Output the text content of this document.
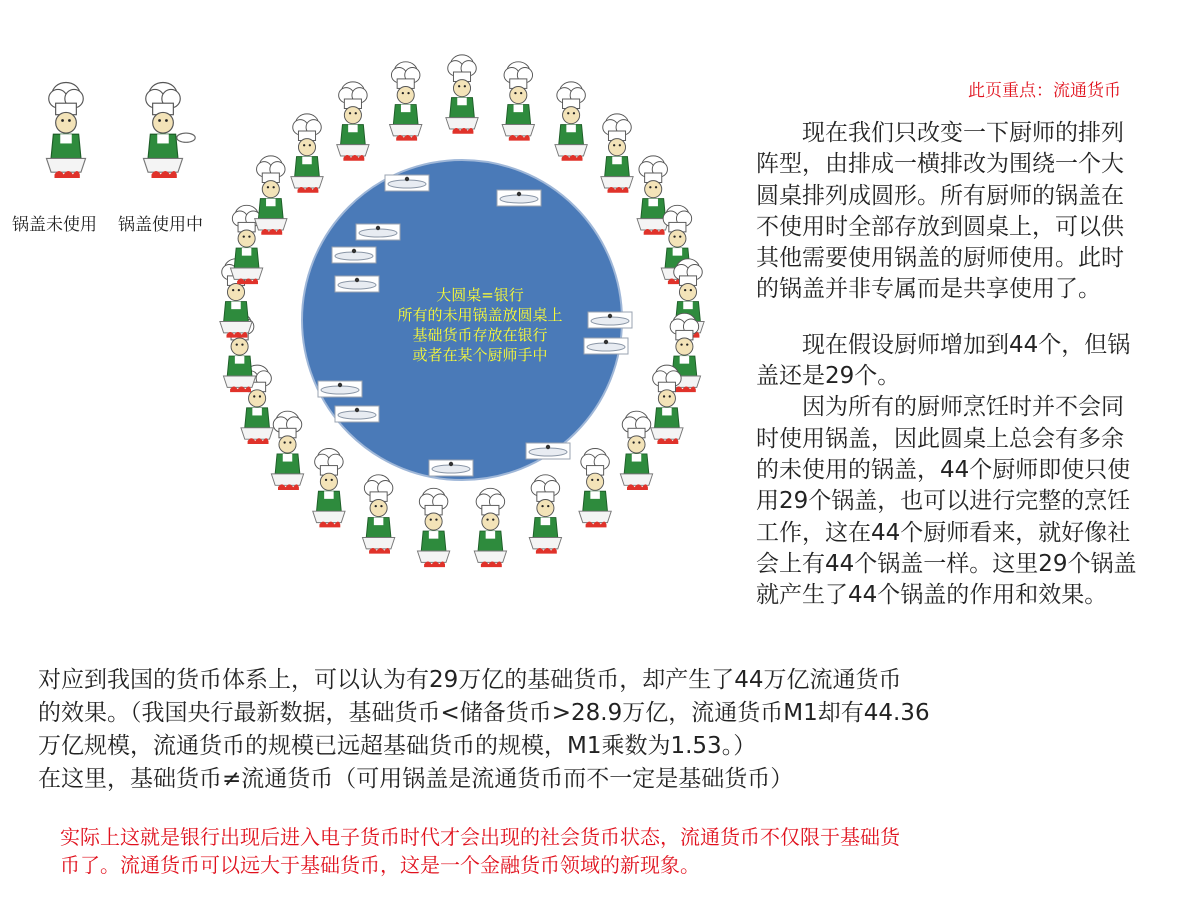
锅盖未使用 锅盖使用中
大圆桌=银行
所有的未用锅盖放圆桌上
基础货币存放在银行
或者在某个厨师手中
此页重点：流通货币

　　现在我们只改变一下厨师的排列

阵型，由排成一横排改为围绕一个大

圆桌排列成圆形。所有厨师的锅盖在

不使用时全部存放到圆桌上，可以供

其他需要使用锅盖的厨师使用。此时

的锅盖并非专属而是共享使用了。

　　现在假设厨师增加到44个，但锅

盖还是29个。

　　因为所有的厨师烹饪时并不会同

时使用锅盖，因此圆桌上总会有多余

的未使用的锅盖，44个厨师即使只使

用29个锅盖，也可以进行完整的烹饪

工作，这在44个厨师看来，就好像社

会上有44个锅盖一样。这里29个锅盖

就产生了44个锅盖的作用和效果。

对应到我国的货币体系上，可以认为有29万亿的基础货币，却产生了44万亿流通货币

的效果。（我国央行最新数据，基础货币<储备货币>28.9万亿，流通货币M1却有44.36

万亿规模，流通货币的规模已远超基础货币的规模，M1乘数为1.53。）

在这里，基础货币≠流通货币（可用锅盖是流通货币而不一定是基础货币）

实际上这就是银行出现后进入电子货币时代才会出现的社会货币状态，流通货币不仅限于基础货

币了。流通货币可以远大于基础货币，这是一个金融货币领域的新现象。
